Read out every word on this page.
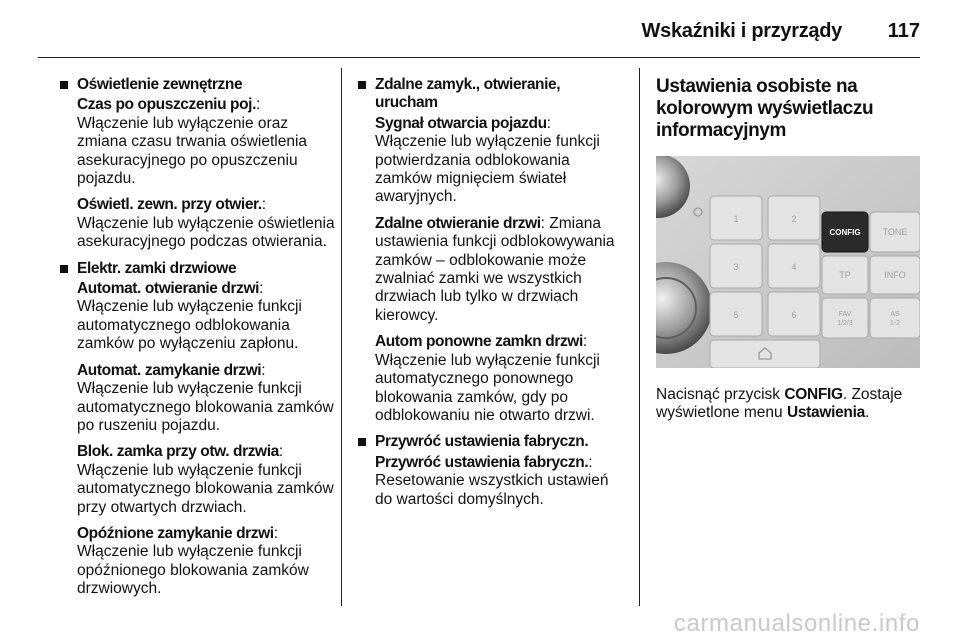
Wskaźniki i przyrządy 117
Oświetlenie zewnętrzne
Czas po opuszczeniu poj.:
Włączenie lub wyłączenie oraz zmiana czasu trwania oświetlenia asekuracyjnego po opuszczeniu pojazdu.
Oświetl. zewn. przy otwier.:
Włączenie lub wyłączenie oświetlenia asekuracyjnego podczas otwierania.
Elektr. zamki drzwiowe
Automat. otwieranie drzwi:
Włączenie lub wyłączenie funkcji automatycznego odblokowania zamków po wyłączeniu zapłonu.
Automat. zamykanie drzwi:
Włączenie lub wyłączenie funkcji automatycznego blokowania zamków po ruszeniu pojazdu.
Blok. zamka przy otw. drzwia:
Włączenie lub wyłączenie funkcji automatycznego blokowania zamków przy otwartych drzwiach.
Opóźnione zamykanie drzwi:
Włączenie lub wyłączenie funkcji opóźnionego blokowania zamków drzwiowych.
Zdalne zamyk., otwieranie, urucham
Sygnał otwarcia pojazdu:
Włączenie lub wyłączenie funkcji potwierdzania odblokowania zamków mignięciem świateł awaryjnych.
Zdalne otwieranie drzwi: Zmiana ustawienia funkcji odblokowywania zamków – odblokowanie może zwalniać zamki we wszystkich drzwiach lub tylko w drzwiach kierowcy.
Autom ponowne zamkn drzwi:
Włączenie lub wyłączenie funkcji automatycznego ponownego blokowania zamków, gdy po odblokowaniu nie otwarto drzwi.
Przywróć ustawienia fabryczn.
Przywróć ustawienia fabryczn.:
Resetowanie wszystkich ustawień do wartości domyślnych.
Ustawienia osobiste na kolorowym wyświetlaczu informacyjnym
1	2
3	4
5	6
TONE
TP	INFO
FAV
1/2/3
AS
1-2
CONFIG
Nacisnąć przycisk CONFIG. Zostaje wyświetlone menu Ustawienia.
carmanualsonline.info
